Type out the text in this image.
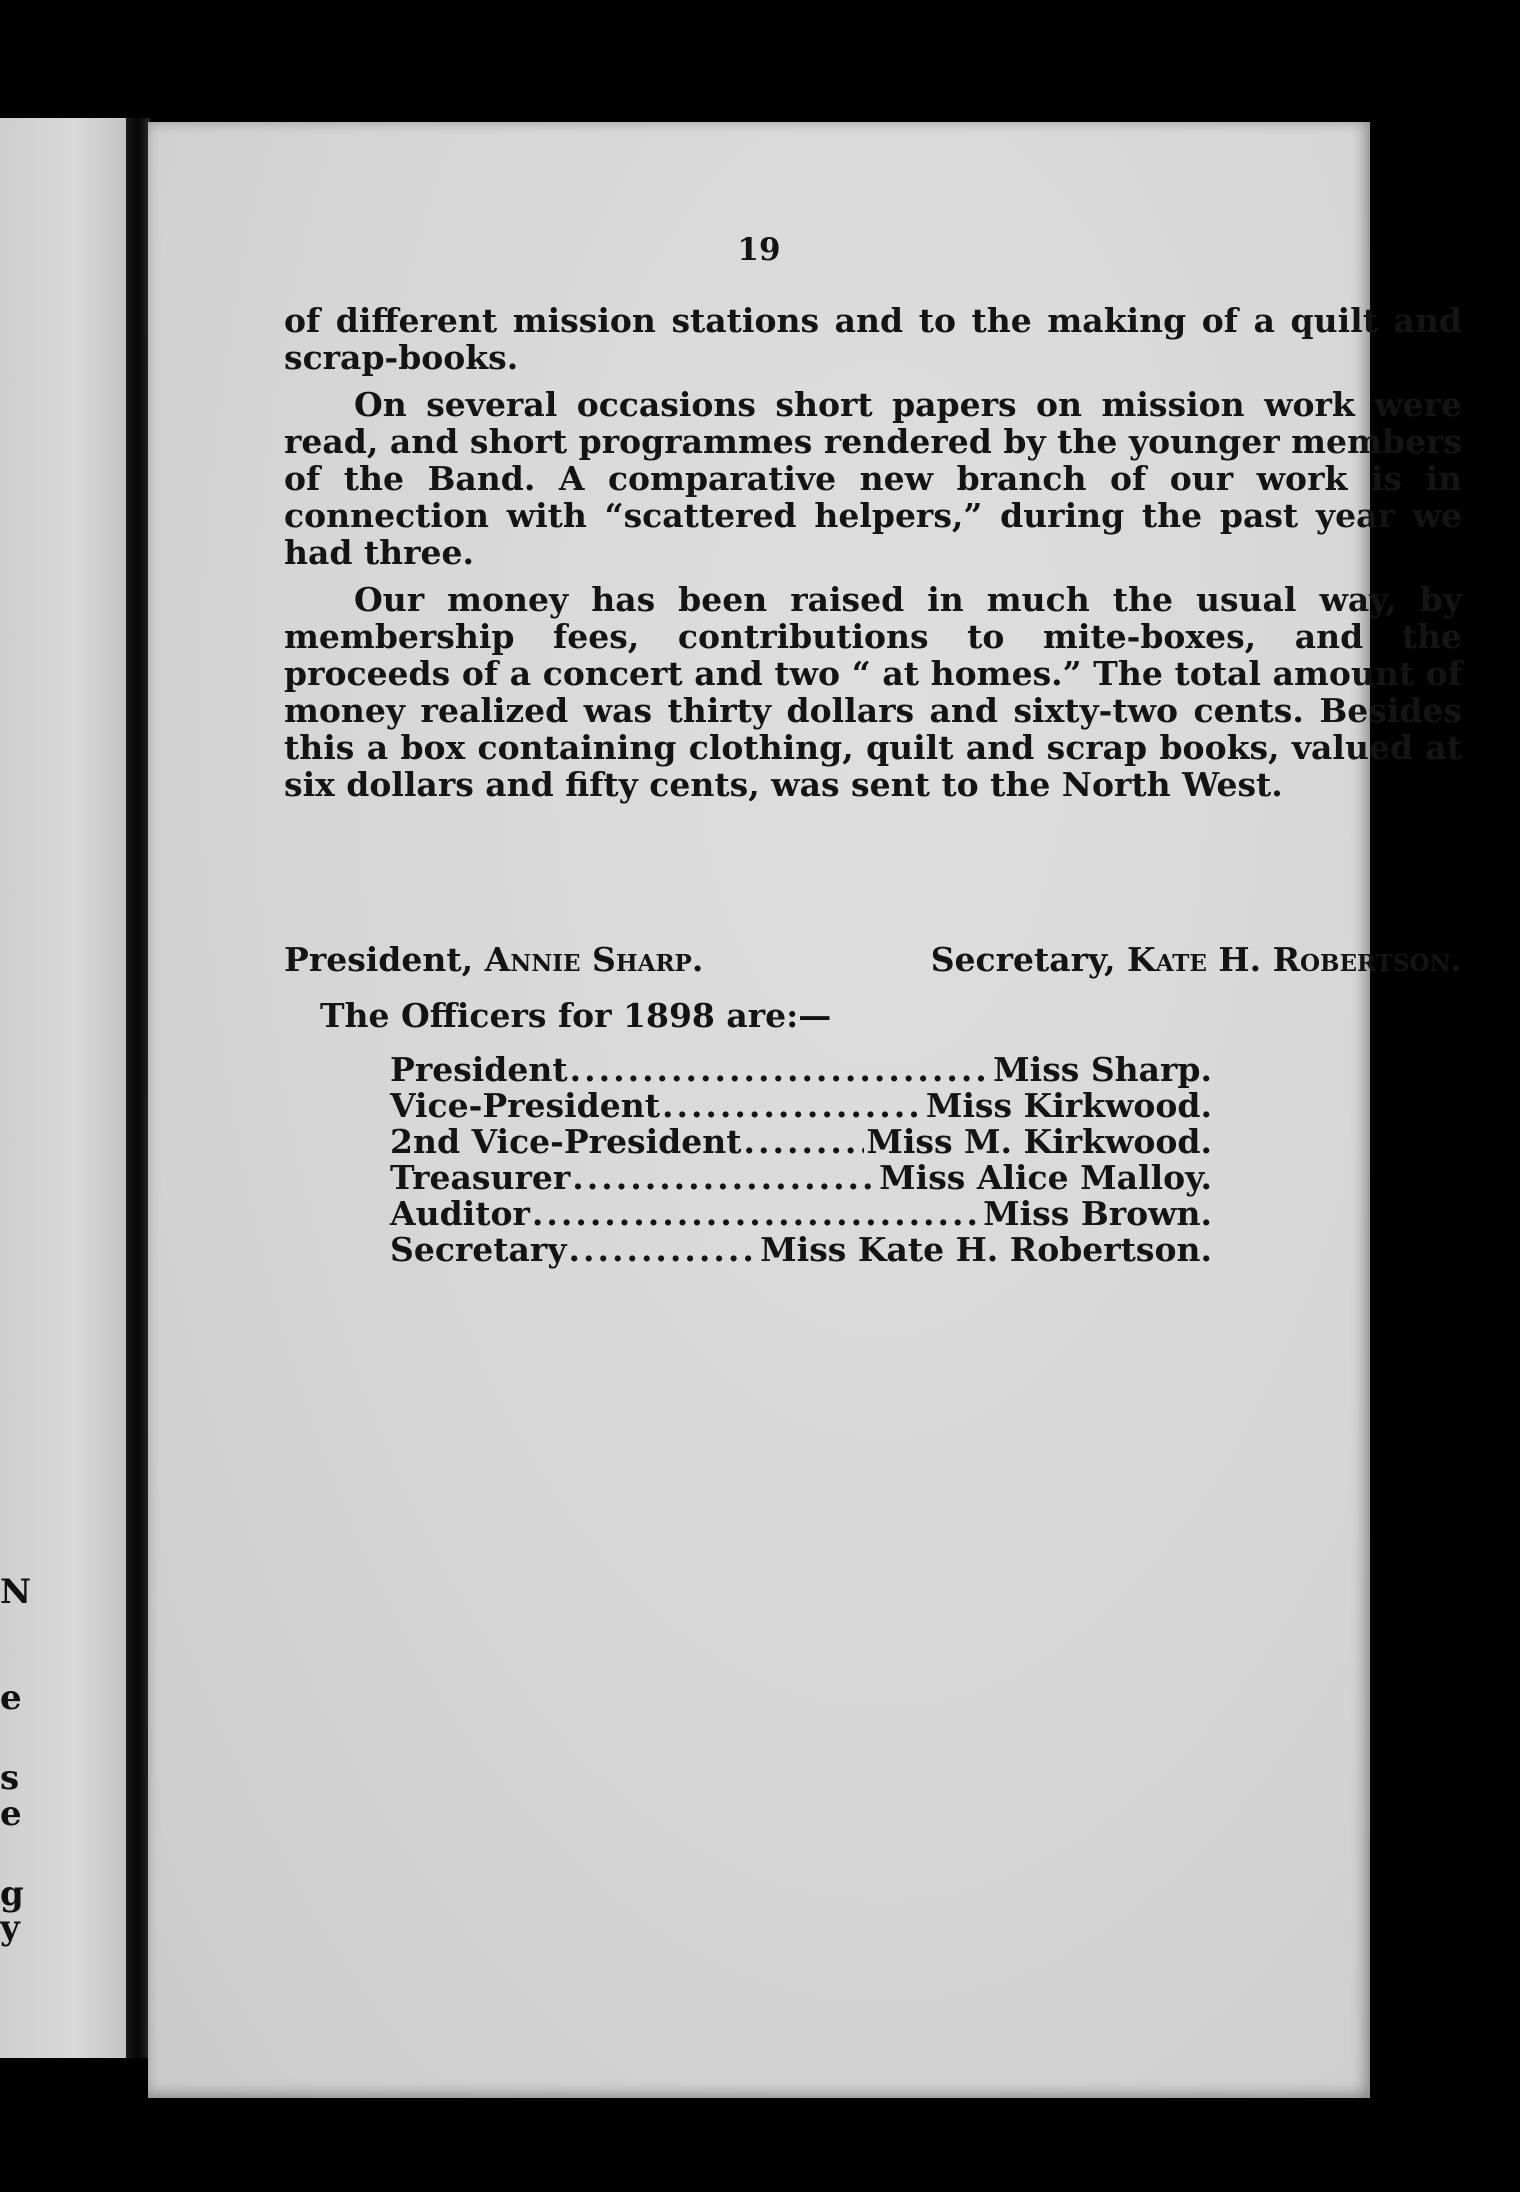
N
e
s
e
g
y
19

of different mission stations and to the making of a quilt and scrap-books.

On several occasions short papers on mission work were read, and short programmes rendered by the younger members of the Band. A comparative new branch of our work is in connection with “scattered helpers,” during the past year we had three.

Our money has been raised in much the usual way, by membership fees, contributions to mite-boxes, and the proceeds of a concert and two “ at homes.” The total amount of money realized was thirty dollars and sixty-two cents. Besides this a box containing clothing, quilt and scrap books, valued at six dollars and fifty cents, was sent to the North West.

President, Annie Sharp.	Secretary, Kate H. Robertson.
The Officers for 1898 are:—
President .....	Miss Sharp.
Vice-President .....	Miss Kirkwood.
2nd Vice-President .....	Miss M. Kirkwood.
Treasurer .....	Miss Alice Malloy.
Auditor .....	Miss Brown.
Secretary .....	Miss Kate H. Robertson.
